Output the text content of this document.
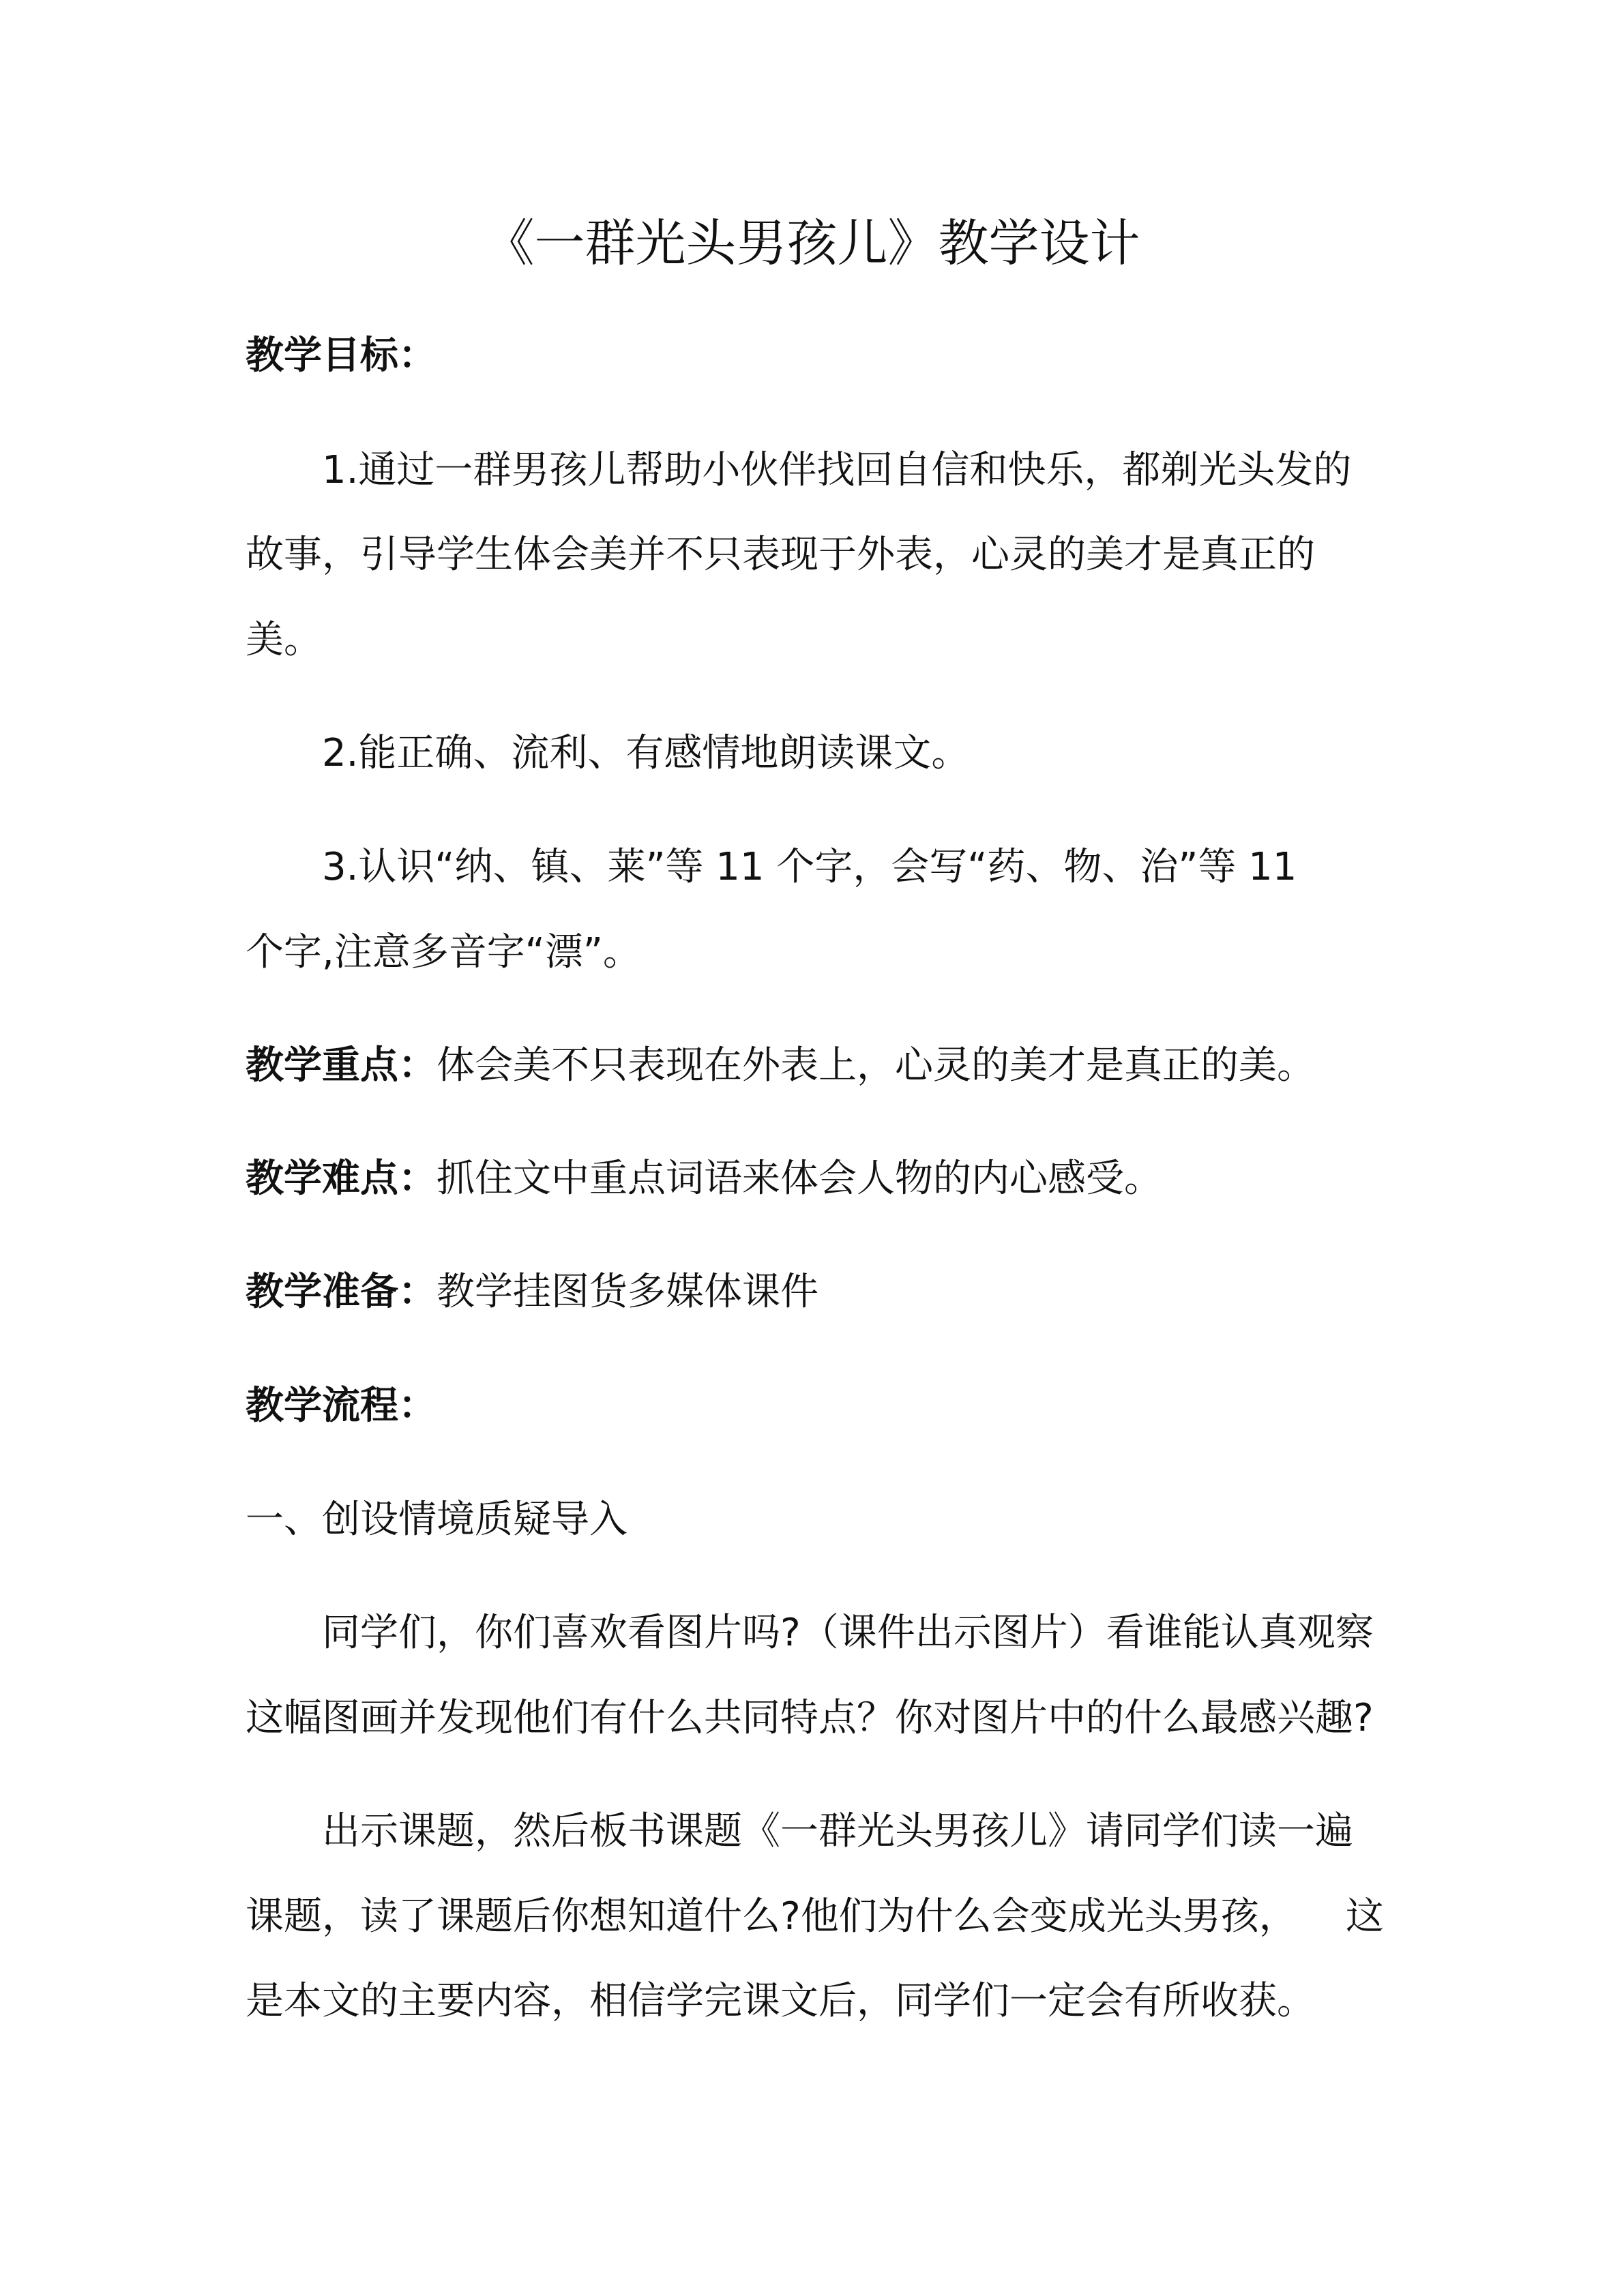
《一群光头男孩儿》教学设计
教学目标：
1.通过一群男孩儿帮助小伙伴找回自信和快乐，都剃光头发的
故事，引导学生体会美并不只表现于外表，心灵的美才是真正的
美。
2.能正确、流利、有感情地朗读课文。
3.认识“纳、镇、莱”等 11 个字，会写“药、物、治”等 11
个字,注意多音字“漂”。
教学重点：体会美不只表现在外表上，心灵的美才是真正的美。
教学难点：抓住文中重点词语来体会人物的内心感受。
教学准备：教学挂图货多媒体课件
教学流程：
一、创设情境质疑导入
同学们，你们喜欢看图片吗?（课件出示图片）看谁能认真观察
这幅图画并发现他们有什么共同特点？你对图片中的什么最感兴趣?
出示课题，然后板书课题《一群光头男孩儿》请同学们读一遍
课题，读了课题后你想知道什么?他们为什么会变成光头男孩，    这
是本文的主要内容，相信学完课文后，同学们一定会有所收获。
